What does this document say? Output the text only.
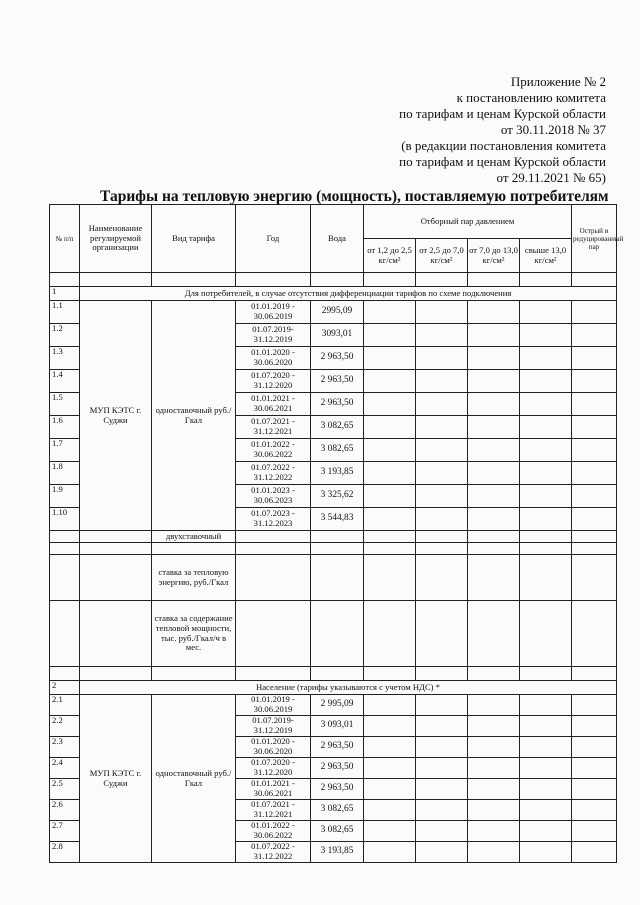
Приложение № 2
к постановлению комитета
по тарифам и ценам Курской области
от 30.11.2018 № 37
(в редакции постановления комитета
по тарифам и ценам Курской области
от 29.11.2021 № 65)
Тарифы на тепловую энергию (мощность), поставляемую потребителям
№ п/п	Наименование регулируемой организации	Вид тарифа	Год	Вода	Отборный пар давлением				Острый и редуцированный пар
					от 1,2 до 2,5 кг/см²	от 2,5 до 7,0 кг/см²	от 7,0 до 13,0 кг/см²	свыше 13,0 кг/см²	

1	Для потребителей, в случае отсутствия дифференциации тарифов по схеме подключения								
1.1	МУП КЭТС г. Суджи	одноставочный руб./Гкал	01.01.2019 - 30.06.2019	2995,09					
1.2			01.07.2019- 31.12.2019	3093,01					
1.3			01.01.2020 - 30.06.2020	2 963,50					
1.4			01.07.2020 - 31.12.2020	2 963,50					
1.5			01.01.2021 - 30.06.2021	2 963,50					
1.6			01.07.2021 - 31.12.2021	3 082,65					
1.7			01.01.2022 - 30.06.2022	3 082,65					
1.8			01.07.2022 - 31.12.2022	3 193,85					
1.9			01.01.2023 - 30.06.2023	3 325,62					
1.10			01.07.2023 - 31.12.2023	3 544,83					
		двухставочный							

		ставка за тепловую энергию, руб./Гкал							
		ставка за содержание тепловой мощности, тыс. руб./Гкал/ч в мес.							

2	Население (тарифы указываются с учетом НДС) *								
2.1	МУП КЭТС г. Суджи	одноставочный руб./Гкал	01.01.2019 - 30.06.2019	2 995,09					
2.2			01.07.2019- 31.12.2019	3 093,01					
2.3			01.01.2020 - 30.06.2020	2 963,50					
2.4			01.07.2020 - 31.12.2020	2 963,50					
2.5			01.01.2021 - 30.06.2021	2 963,50					
2.6			01.07.2021 - 31.12.2021	3 082,65					
2.7			01.01.2022 - 30.06.2022	3 082,65					
2.8			01.07.2022 - 31.12.2022	3 193,85					
